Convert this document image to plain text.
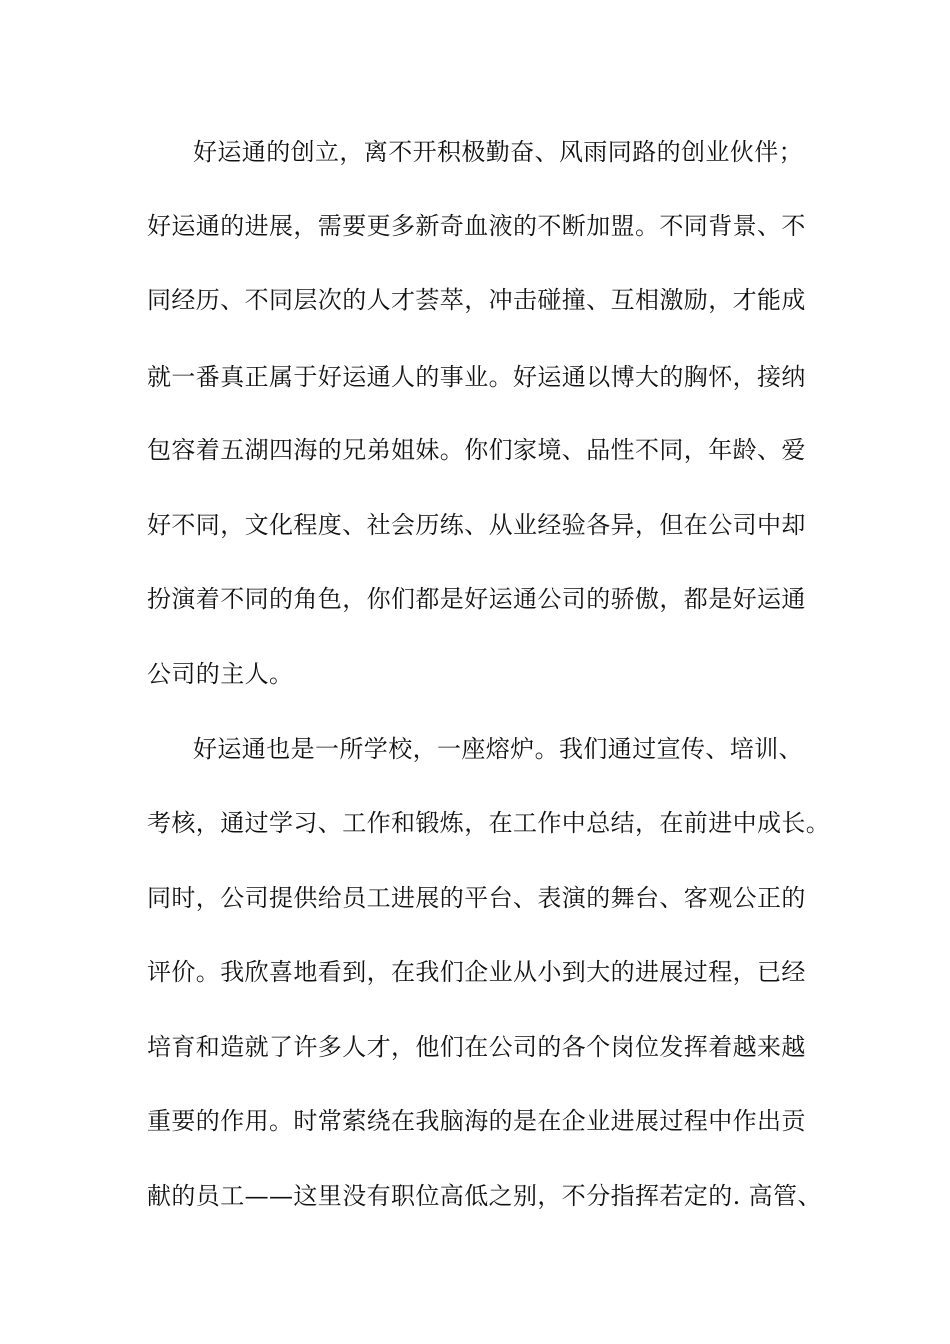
好运通的创立，离不开积极勤奋、风雨同路的创业伙伴；
好运通的进展，需要更多新奇血液的不断加盟。不同背景、不
同经历、不同层次的人才荟萃，冲击碰撞、互相激励，才能成
就一番真正属于好运通人的事业。好运通以博大的胸怀，接纳
包容着五湖四海的兄弟姐妹。你们家境、品性不同，年龄、爱
好不同，文化程度、社会历练、从业经验各异，但在公司中却
扮演着不同的角色，你们都是好运通公司的骄傲，都是好运通
公司的主人。
好运通也是一所学校，一座熔炉。我们通过宣传、培训、
考核，通过学习、工作和锻炼，在工作中总结，在前进中成长。
同时，公司提供给员工进展的平台、表演的舞台、客观公正的
评价。我欣喜地看到，在我们企业从小到大的进展过程，已经
培育和造就了许多人才，他们在公司的各个岗位发挥着越来越
重要的作用。时常萦绕在我脑海的是在企业进展过程中作出贡
献的员工——这里没有职位高低之别，不分指挥若定的. 高管、
